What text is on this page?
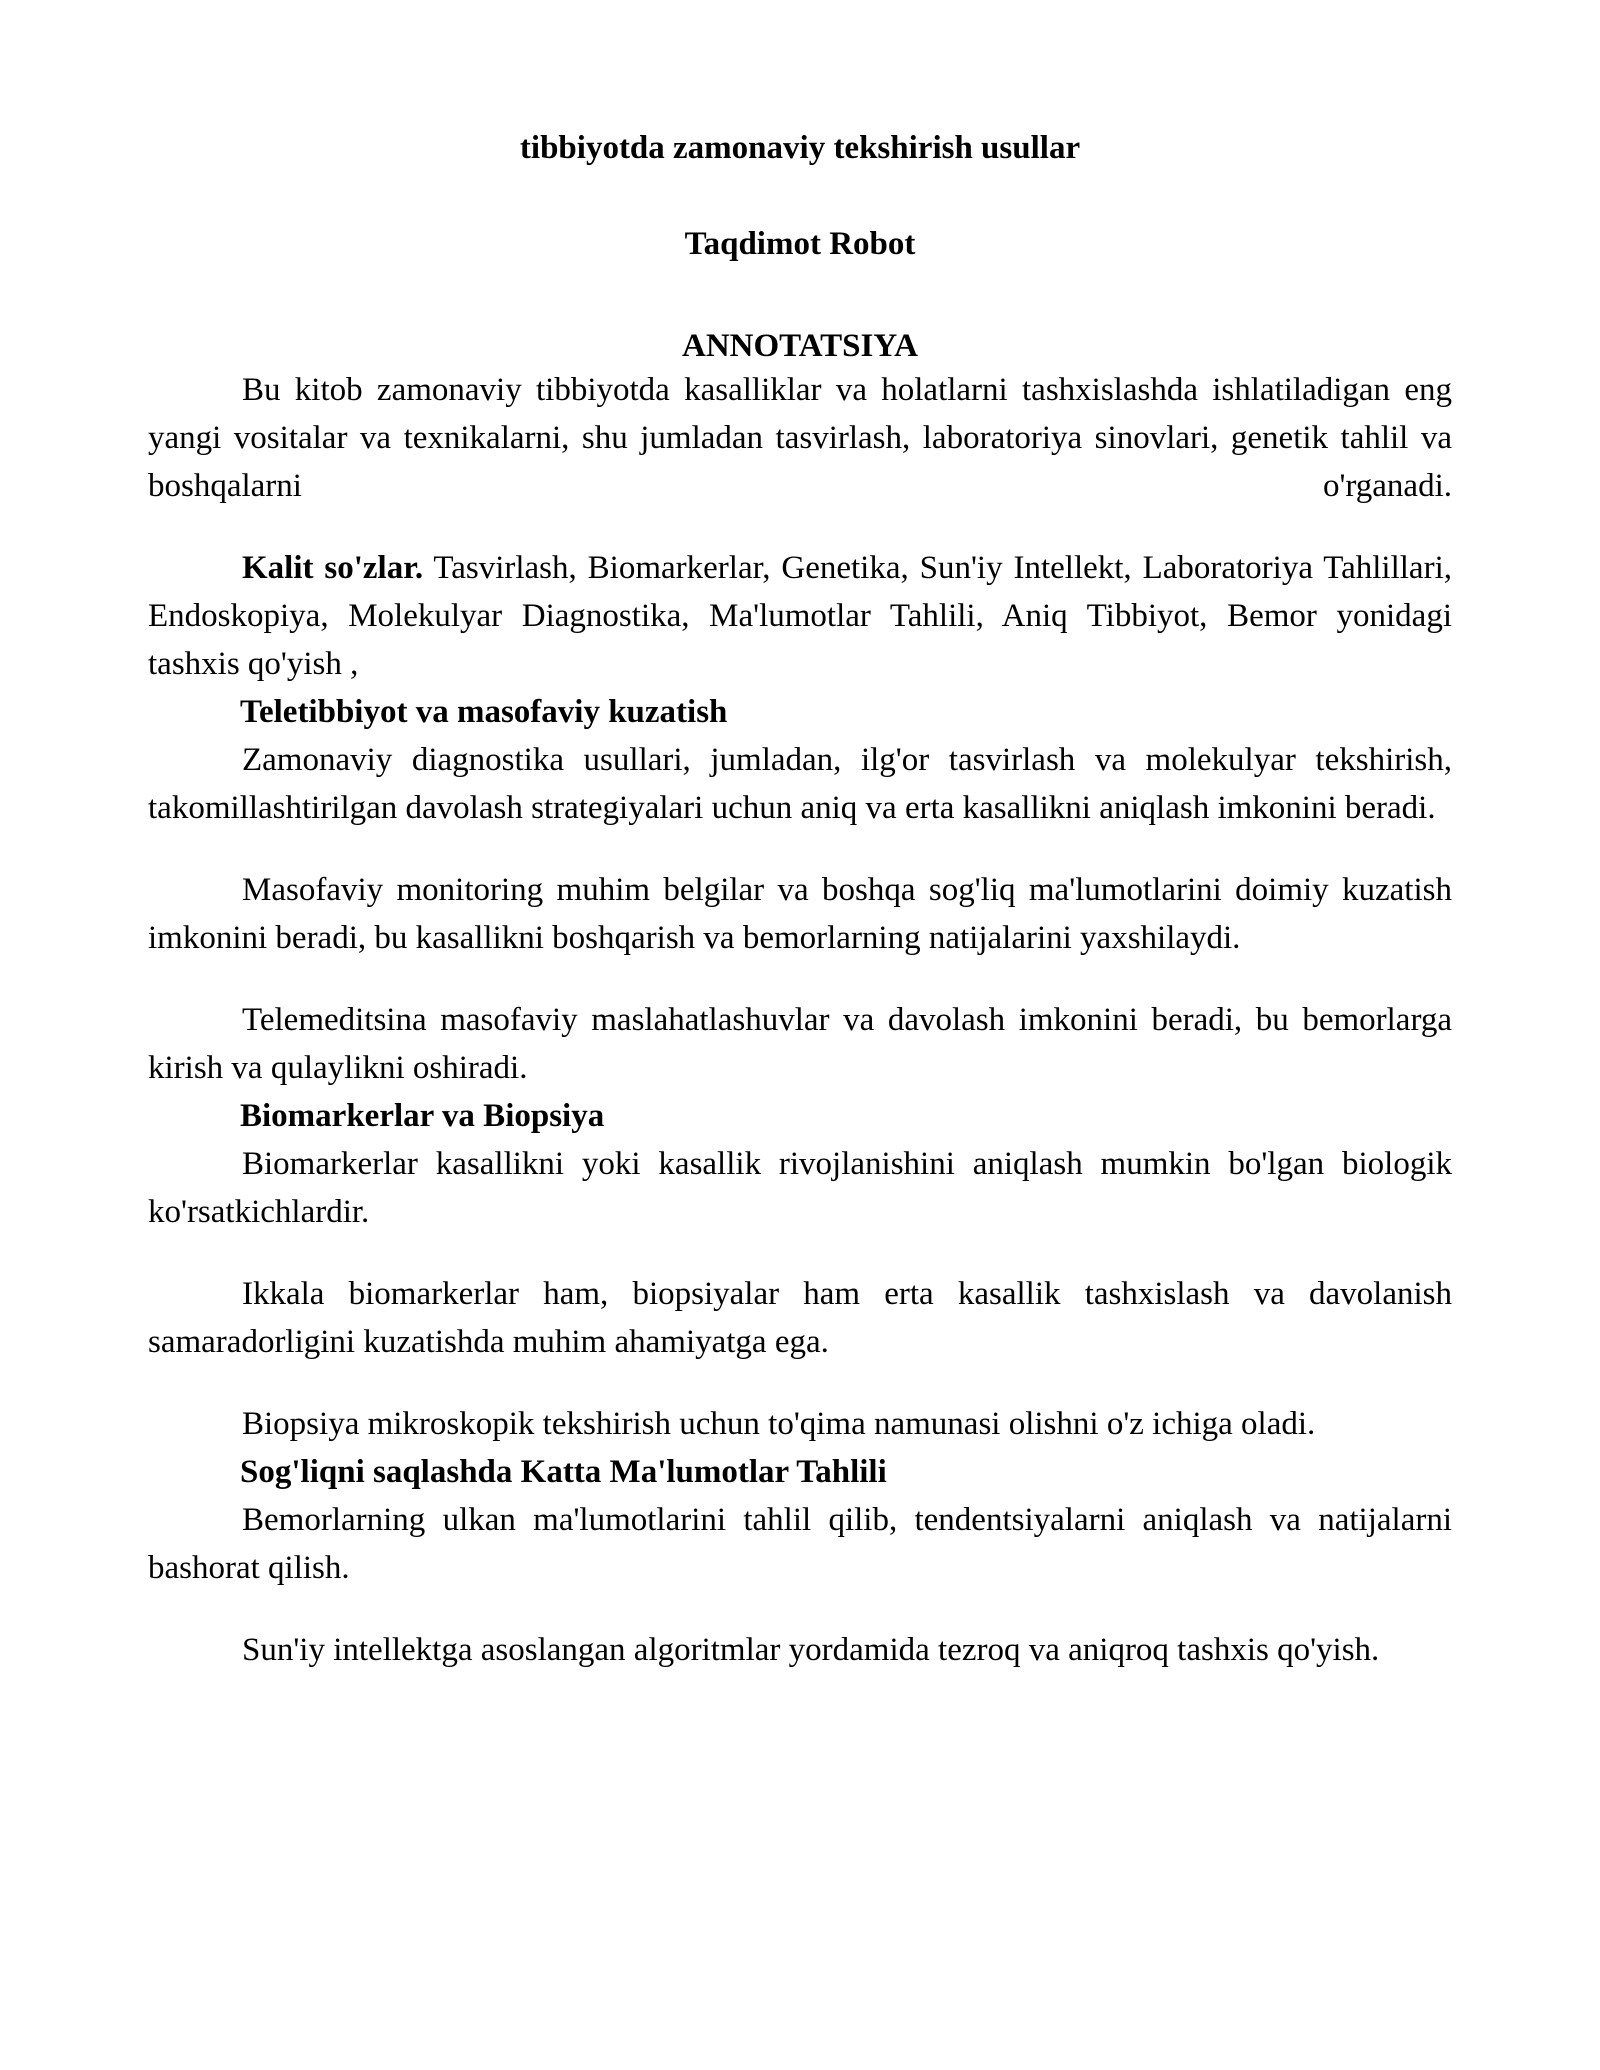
tibbiyotda zamonaviy tekshirish usullar
Taqdimot Robot
ANNOTATSIYA

Bu kitob zamonaviy tibbiyotda kasalliklar va holatlarni tashxislashda ishlatiladigan eng yangi vositalar va texnikalarni, shu jumladan tasvirlash, laboratoriya sinovlari, genetik tahlil va boshqalarni o'rganadi.

Kalit so'zlar. Tasvirlash, Biomarkerlar, Genetika, Sun'iy Intellekt, Laboratoriya Tahlillari, Endoskopiya, Molekulyar Diagnostika, Ma'lumotlar Tahlili, Aniq Tibbiyot, Bemor yonidagi tashxis qo'yish ,

Teletibbiyot va masofaviy kuzatish

Zamonaviy diagnostika usullari, jumladan, ilg'or tasvirlash va molekulyar tekshirish, takomillashtirilgan davolash strategiyalari uchun aniq va erta kasallikni aniqlash imkonini beradi.

Masofaviy monitoring muhim belgilar va boshqa sog'liq ma'lumotlarini doimiy kuzatish imkonini beradi, bu kasallikni boshqarish va bemorlarning natijalarini yaxshilaydi.

Telemeditsina masofaviy maslahatlashuvlar va davolash imkonini beradi, bu bemorlarga kirish va qulaylikni oshiradi.

Biomarkerlar va Biopsiya

Biomarkerlar kasallikni yoki kasallik rivojlanishini aniqlash mumkin bo'lgan biologik ko'rsatkichlardir.

Ikkala biomarkerlar ham, biopsiyalar ham erta kasallik tashxislash va davolanish samaradorligini kuzatishda muhim ahamiyatga ega.

Biopsiya mikroskopik tekshirish uchun to'qima namunasi olishni o'z ichiga oladi.

Sog'liqni saqlashda Katta Ma'lumotlar Tahlili

Bemorlarning ulkan ma'lumotlarini tahlil qilib, tendentsiyalarni aniqlash va natijalarni bashorat qilish.

Sun'iy intellektga asoslangan algoritmlar yordamida tezroq va aniqroq tashxis qo'yish.
